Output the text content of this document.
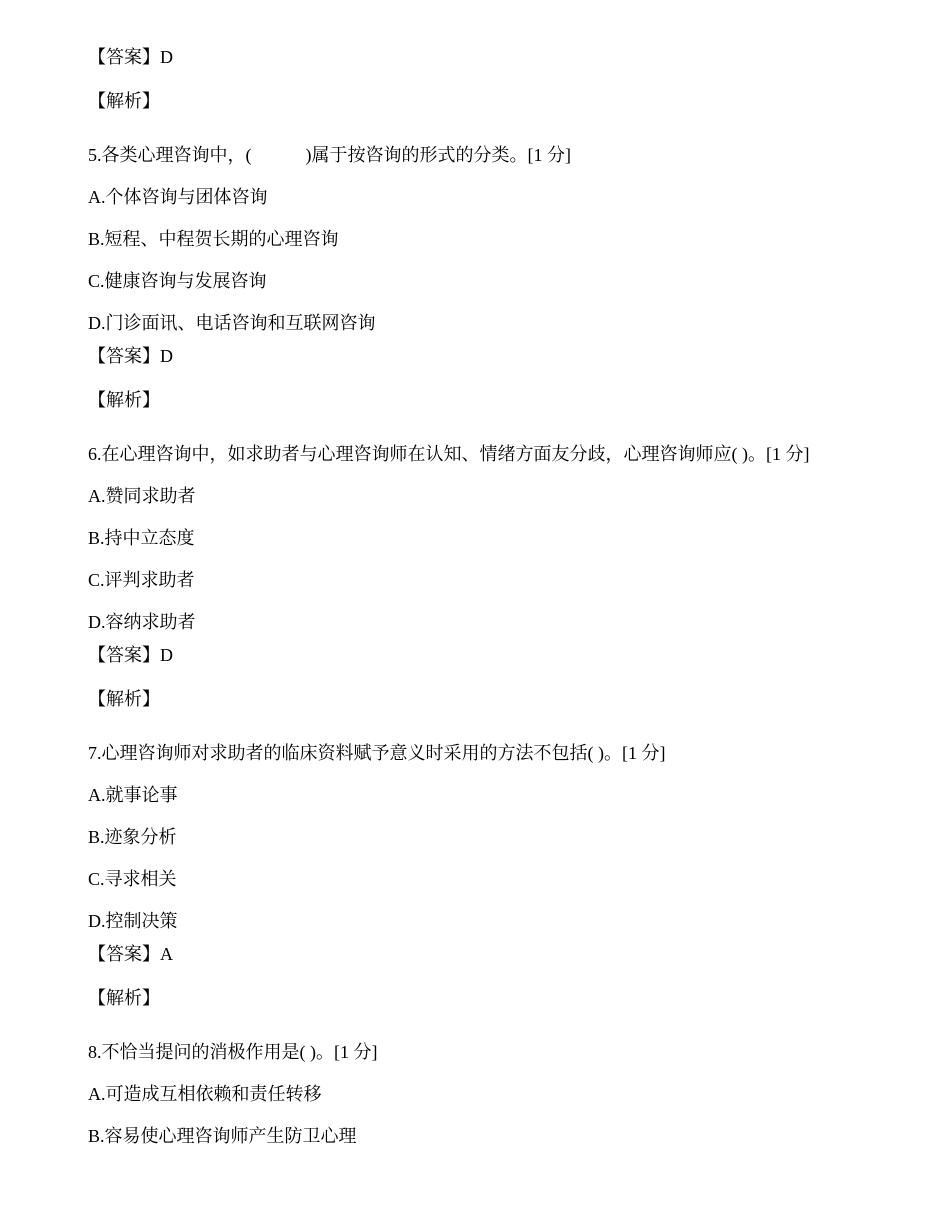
【答案】D
【解析】
5.各类心理咨询中，(            )属于按咨询的形式的分类。[1 分]
A.个体咨询与团体咨询
B.短程、中程贺长期的心理咨询
C.健康咨询与发展咨询
D.门诊面讯、电话咨询和互联网咨询
【答案】D
【解析】
6.在心理咨询中，如求助者与心理咨询师在认知、情绪方面友分歧，心理咨询师应( )。[1 分]
A.赞同求助者
B.持中立态度
C.评判求助者
D.容纳求助者
【答案】D
【解析】
7.心理咨询师对求助者的临床资料赋予意义时采用的方法不包括( )。[1 分]
A.就事论事
B.迹象分析
C.寻求相关
D.控制决策
【答案】A
【解析】
8.不恰当提问的消极作用是( )。[1 分]
A.可造成互相依赖和责任转移
B.容易使心理咨询师产生防卫心理
